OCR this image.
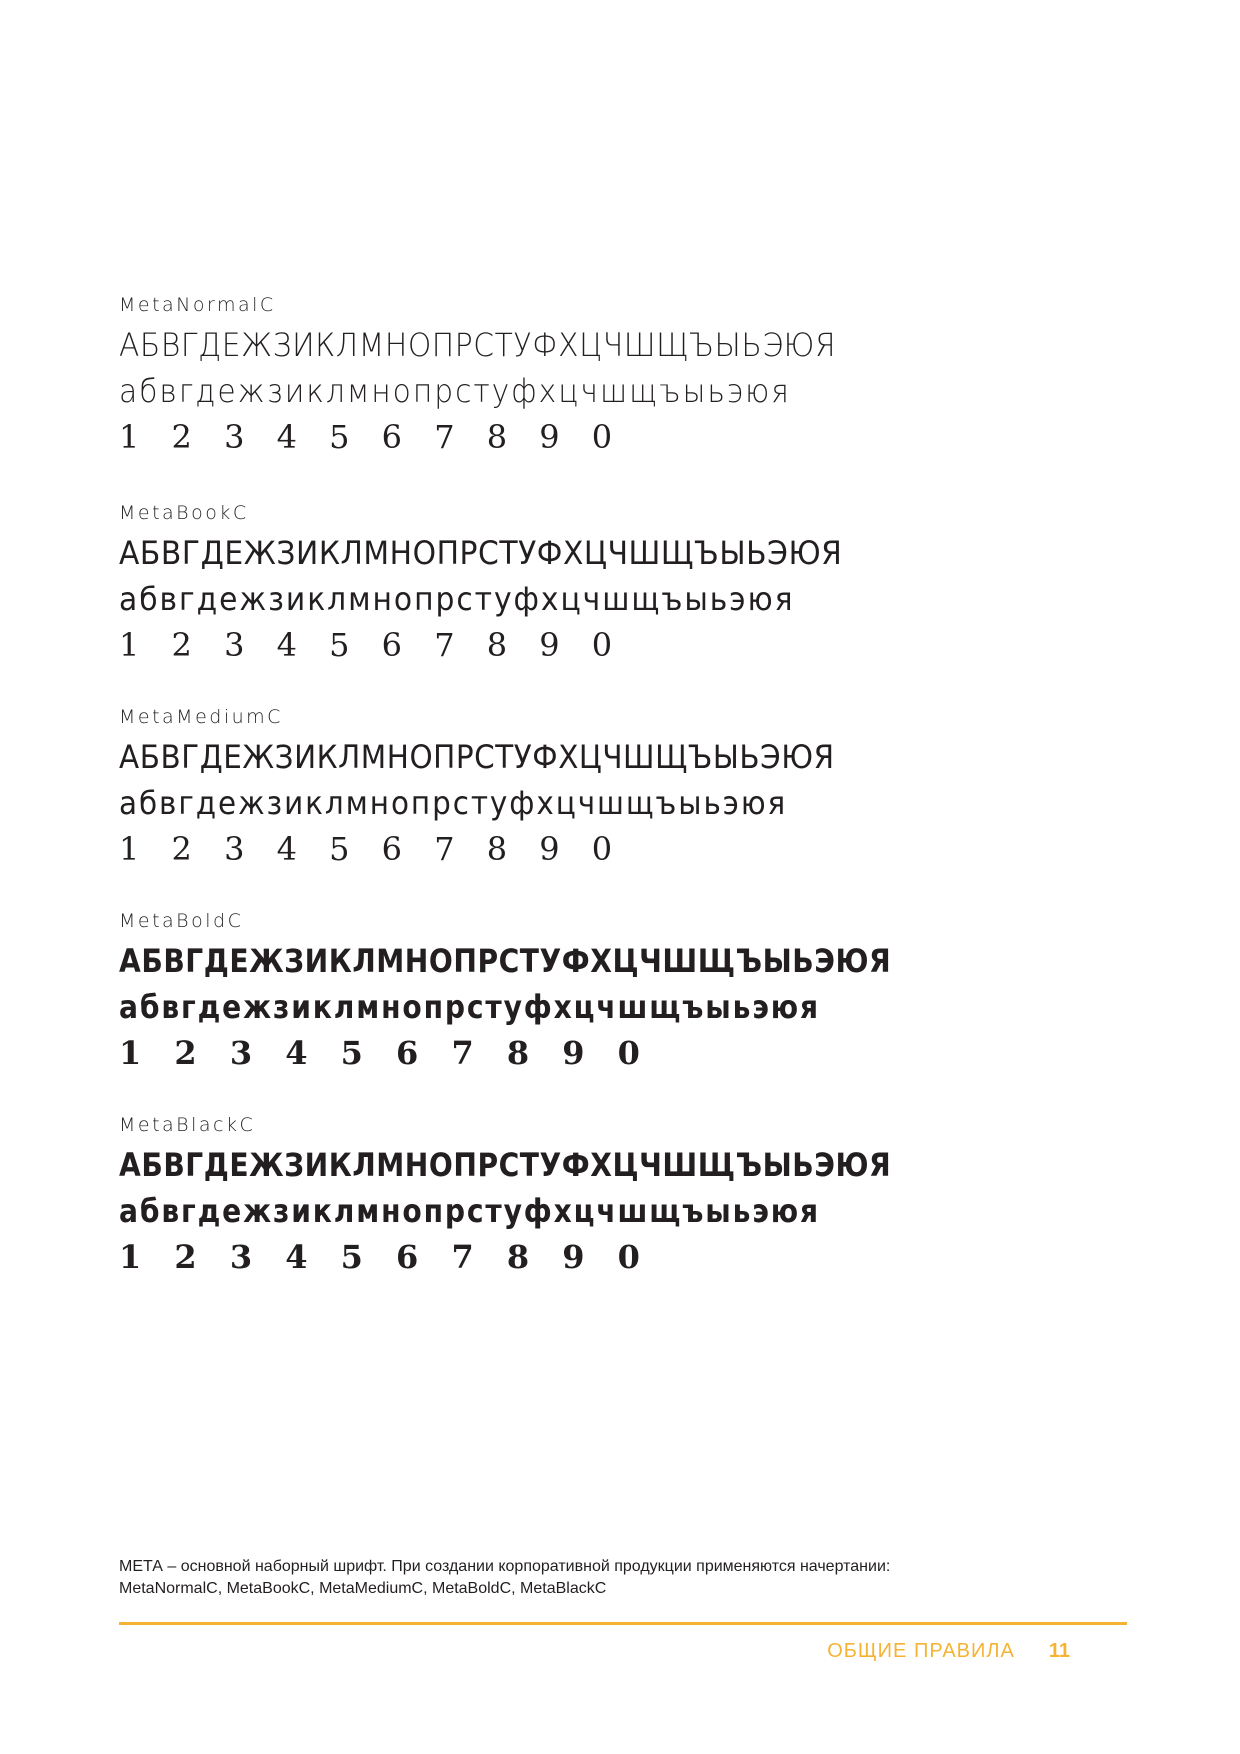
MetaNormalC
АБВГДЕЖЗИКЛМНОПРСТУФХЦЧШЩЪЫЬЭЮЯ
абвгдежзиклмнопрстуфхцчшщъыьэюя
1 2 3 4 5 6 7 8 9 0
MetaBookC
АБВГДЕЖЗИКЛМНОПРСТУФХЦЧШЩЪЫЬЭЮЯ
абвгдежзиклмнопрстуфхцчшщъыьэюя
1 2 3 4 5 6 7 8 9 0
MetaMediumC
АБВГДЕЖЗИКЛМНОПРСТУФХЦЧШЩЪЫЬЭЮЯ
абвгдежзиклмнопрстуфхцчшщъыьэюя
1 2 3 4 5 6 7 8 9 0
MetaBoldC
АБВГДЕЖЗИКЛМНОПРСТУФХЦЧШЩЪЫЬЭЮЯ
абвгдежзиклмнопрстуфхцчшщъыьэюя
1 2 3 4 5 6 7 8 9 0
MetaBlackC
АБВГДЕЖЗИКЛМНОПРСТУФХЦЧШЩЪЫЬЭЮЯ
абвгдежзиклмнопрстуфхцчшщъыьэюя
1 2 3 4 5 6 7 8 9 0
МЕТА – основной наборный шрифт. При создании корпоративной продукции применяются начертании:
MetaNormalC, MetaBookC, MetaMediumC, MetaBoldC, MetaBlackC
ОБЩИЕ ПРАВИЛА 11
